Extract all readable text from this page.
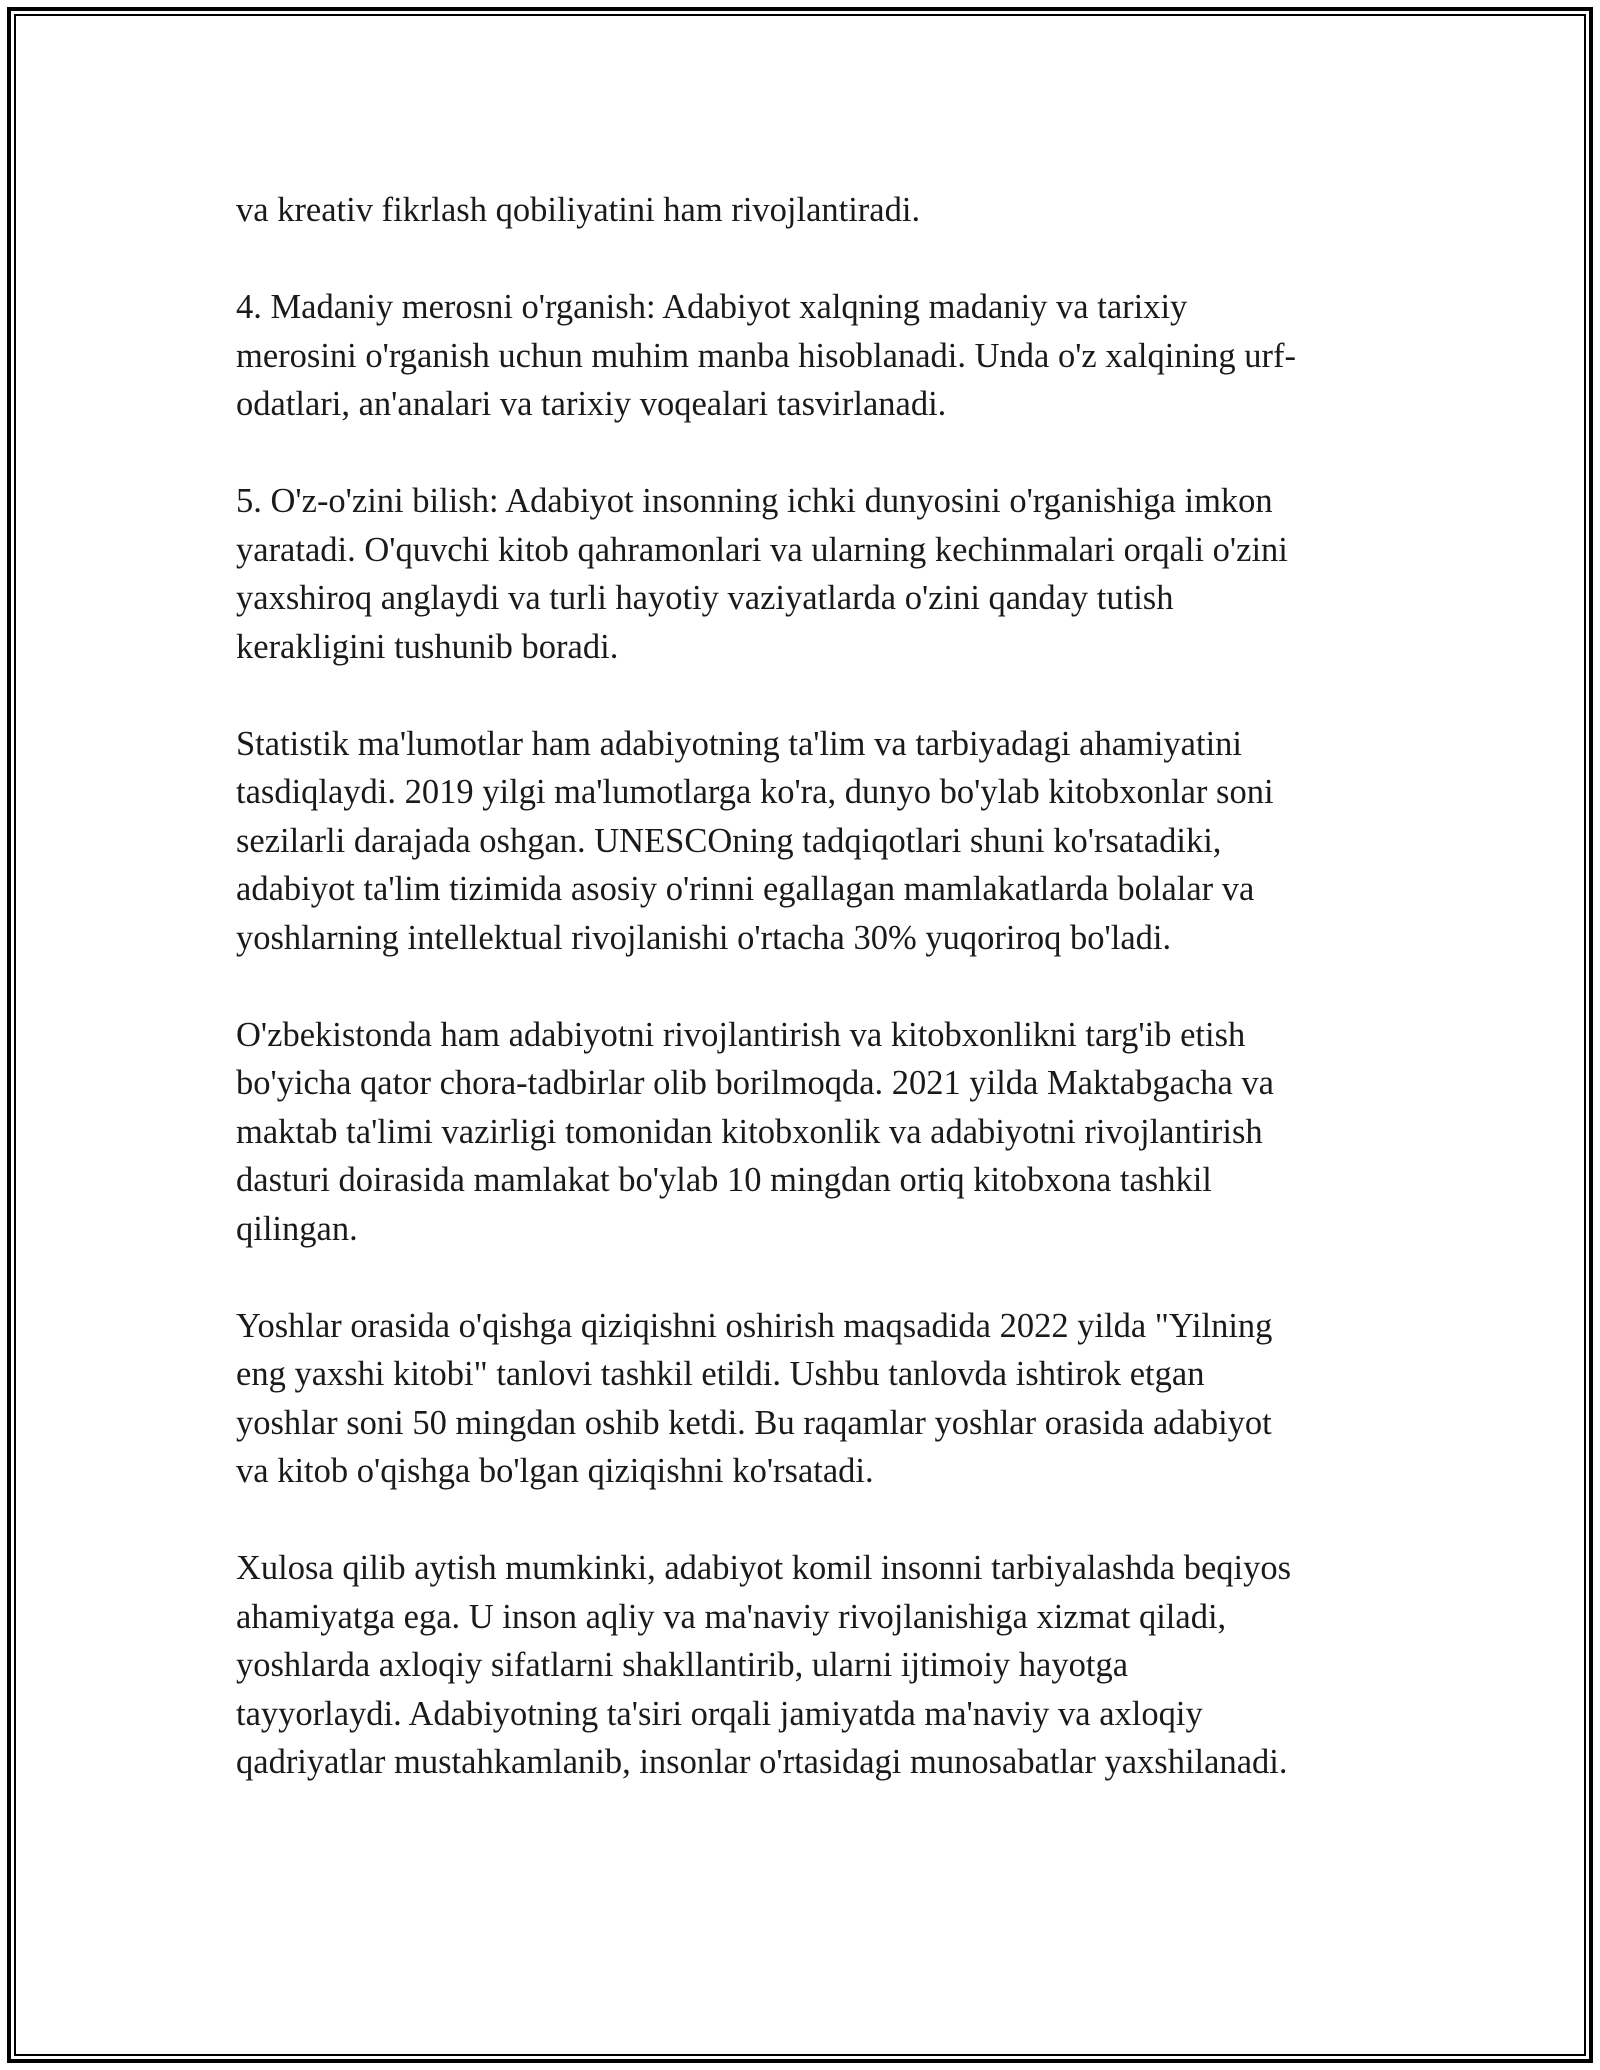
va kreativ fikrlash qobiliyatini ham rivojlantiradi.

4. Madaniy merosni o'rganish: Adabiyot xalqning madaniy va tarixiy
merosini o'rganish uchun muhim manba hisoblanadi. Unda o'z xalqining urf-
odatlari, an'analari va tarixiy voqealari tasvirlanadi.

5. O'z-o'zini bilish: Adabiyot insonning ichki dunyosini o'rganishiga imkon
yaratadi. O'quvchi kitob qahramonlari va ularning kechinmalari orqali o'zini
yaxshiroq anglaydi va turli hayotiy vaziyatlarda o'zini qanday tutish
kerakligini tushunib boradi.

Statistik ma'lumotlar ham adabiyotning ta'lim va tarbiyadagi ahamiyatini
tasdiqlaydi. 2019 yilgi ma'lumotlarga ko'ra, dunyo bo'ylab kitobxonlar soni
sezilarli darajada oshgan. UNESCOning tadqiqotlari shuni ko'rsatadiki,
adabiyot ta'lim tizimida asosiy o'rinni egallagan mamlakatlarda bolalar va
yoshlarning intellektual rivojlanishi o'rtacha 30% yuqoriroq bo'ladi.

O'zbekistonda ham adabiyotni rivojlantirish va kitobxonlikni targ'ib etish
bo'yicha qator chora-tadbirlar olib borilmoqda. 2021 yilda Maktabgacha va
maktab ta'limi vazirligi tomonidan kitobxonlik va adabiyotni rivojlantirish
dasturi doirasida mamlakat bo'ylab 10 mingdan ortiq kitobxona tashkil
qilingan.

Yoshlar orasida o'qishga qiziqishni oshirish maqsadida 2022 yilda "Yilning
eng yaxshi kitobi" tanlovi tashkil etildi. Ushbu tanlovda ishtirok etgan
yoshlar soni 50 mingdan oshib ketdi. Bu raqamlar yoshlar orasida adabiyot
va kitob o'qishga bo'lgan qiziqishni ko'rsatadi.

Xulosa qilib aytish mumkinki, adabiyot komil insonni tarbiyalashda beqiyos
ahamiyatga ega. U inson aqliy va ma'naviy rivojlanishiga xizmat qiladi,
yoshlarda axloqiy sifatlarni shakllantirib, ularni ijtimoiy hayotga
tayyorlaydi. Adabiyotning ta'siri orqali jamiyatda ma'naviy va axloqiy
qadriyatlar mustahkamlanib, insonlar o'rtasidagi munosabatlar yaxshilanadi.
